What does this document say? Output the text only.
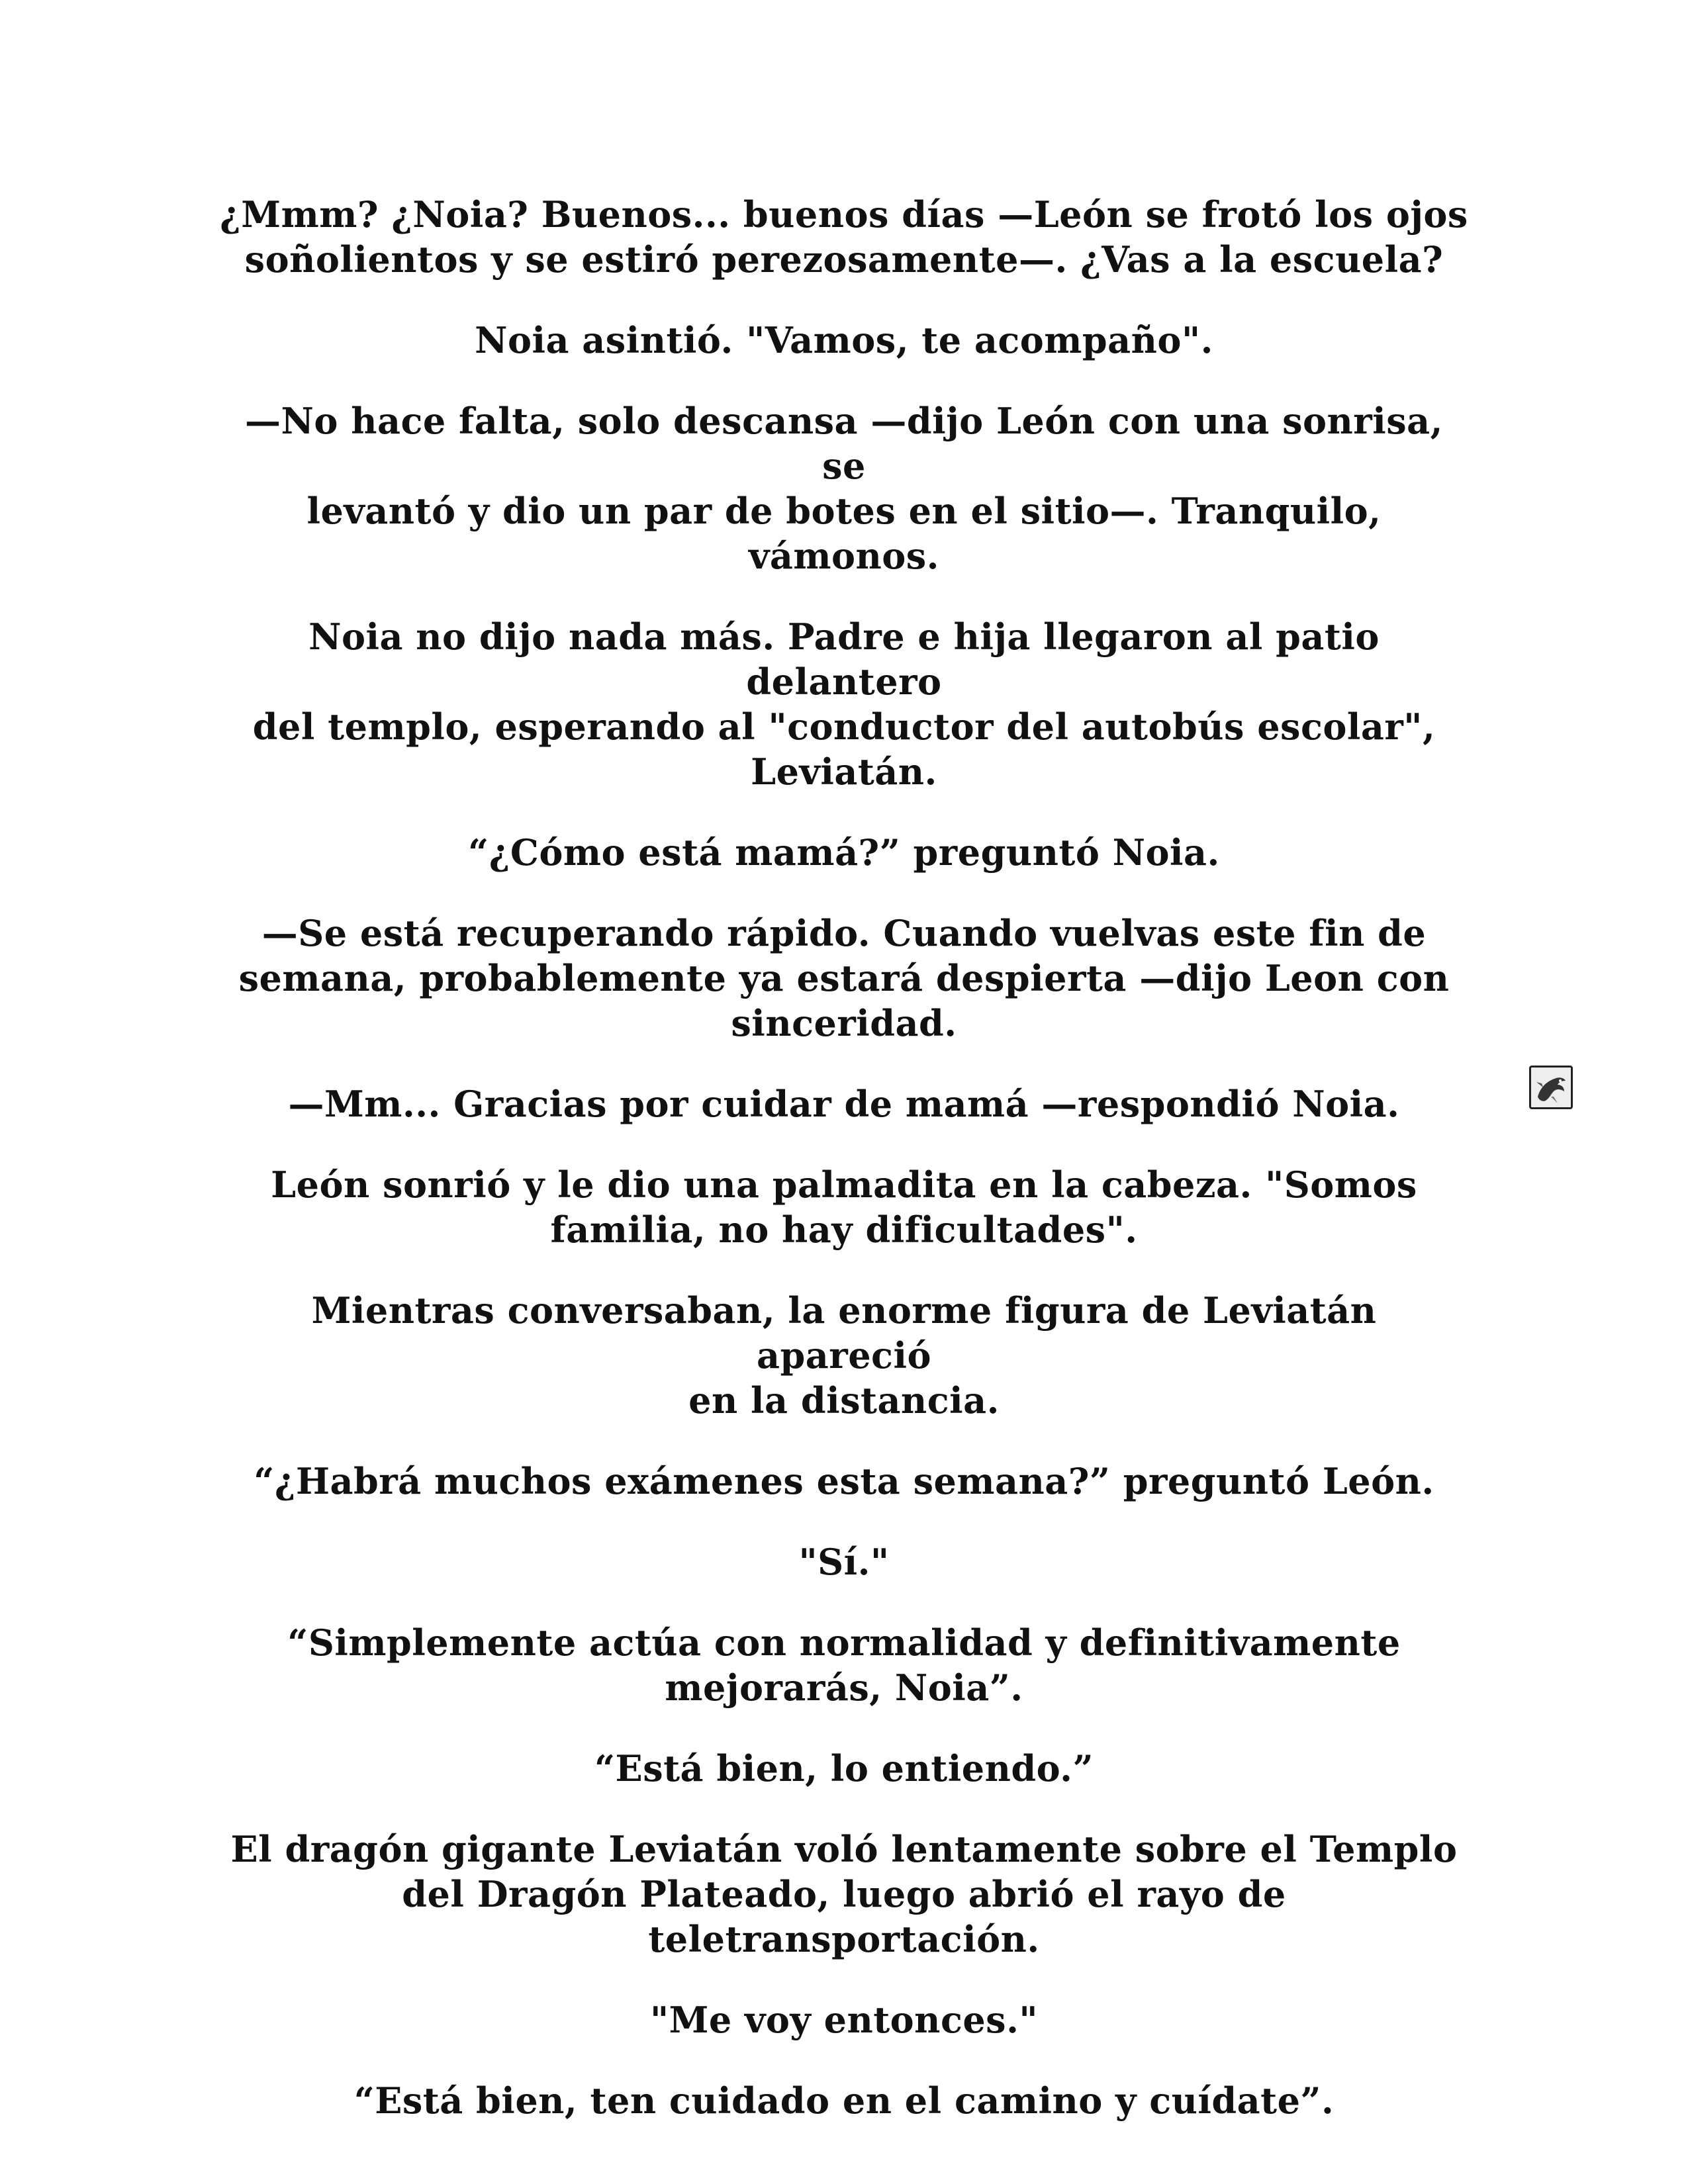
¿Mmm? ¿Noia? Buenos... buenos días —León se frotó los ojos
soñolientos y se estiró perezosamente—. ¿Vas a la escuela?

Noia asintió. "Vamos, te acompaño".

—No hace falta, solo descansa —dijo León con una sonrisa, se
levantó y dio un par de botes en el sitio—. Tranquilo, vámonos.

Noia no dijo nada más. Padre e hija llegaron al patio delantero
del templo, esperando al "conductor del autobús escolar",
Leviatán.

“¿Cómo está mamá?” preguntó Noia.

—Se está recuperando rápido. Cuando vuelvas este fin de
semana, probablemente ya estará despierta —dijo Leon con
sinceridad.

—Mm... Gracias por cuidar de mamá —respondió Noia.

León sonrió y le dio una palmadita en la cabeza. "Somos
familia, no hay dificultades".

Mientras conversaban, la enorme figura de Leviatán apareció
en la distancia.

“¿Habrá muchos exámenes esta semana?” preguntó León.

"Sí."

“Simplemente actúa con normalidad y definitivamente
mejorarás, Noia”.

“Está bien, lo entiendo.”

El dragón gigante Leviatán voló lentamente sobre el Templo
del Dragón Plateado, luego abrió el rayo de
teletransportación.

"Me voy entonces."

“Está bien, ten cuidado en el camino y cuídate”.
